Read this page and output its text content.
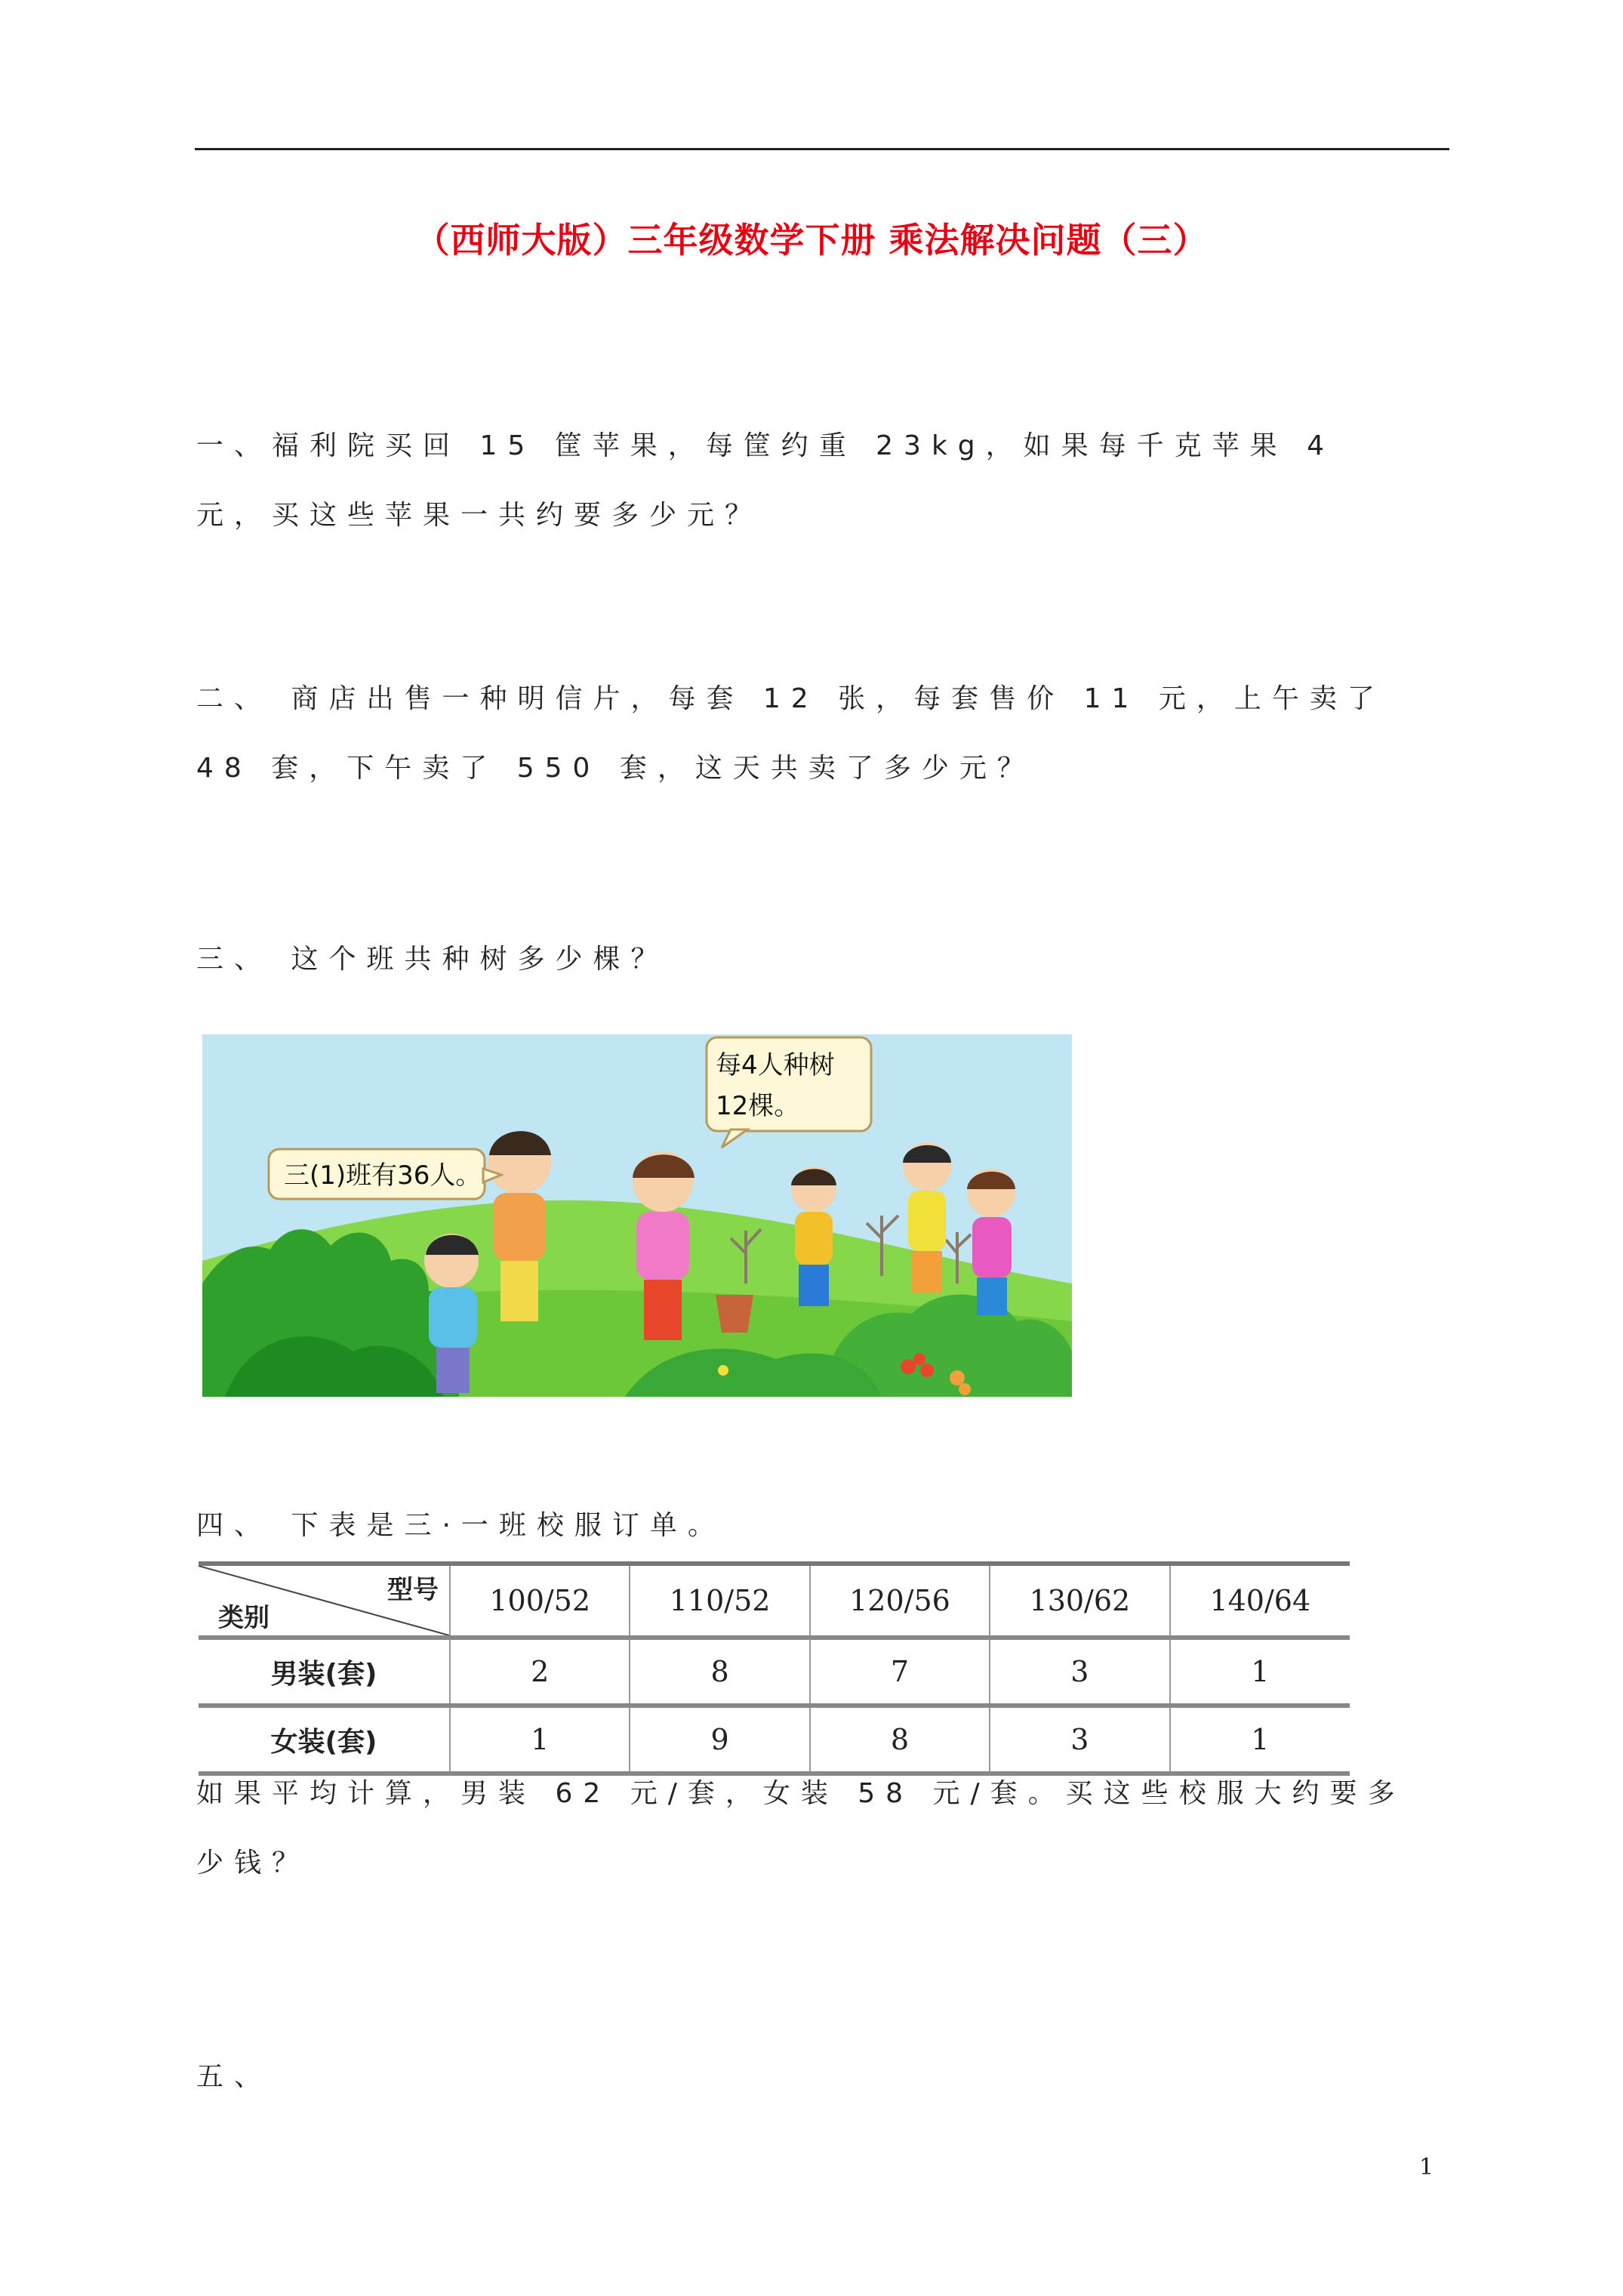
（西师大版）三年级数学下册 乘法解决问题（三）
一、福利院买回 15 筐苹果，每筐约重 23kg，如果每千克苹果 4 元，买这些苹果一共约要多少元？
二、 商店出售一种明信片，每套 12 张，每套售价 11 元，上午卖了 48 套，下午卖了 550 套，这天共卖了多少元？
三、 这个班共种树多少棵？
三(1)班有36人。
每4人种树
12棵。
四、 下表是三·一班校服订单。
型号
类别	100/52	110/52	120/56	130/62	140/64
男装(套)	2	8	7	3	1
女装(套)	1	9	8	3	1
如果平均计算，男装 62 元/套，女装 58 元/套。买这些校服大约要多少钱？
五、
1
